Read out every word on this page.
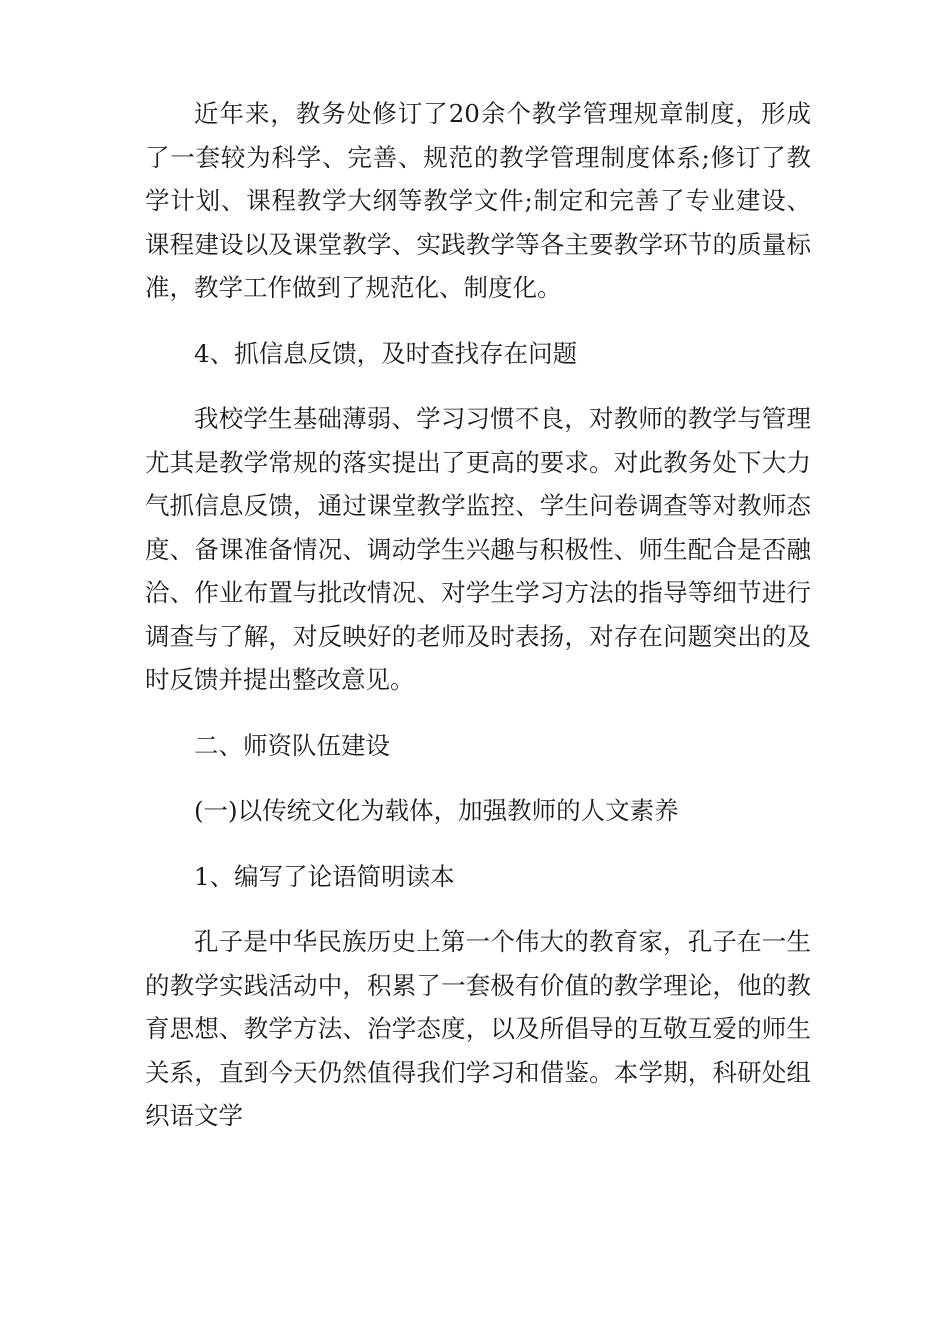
近年来，教务处修订了20余个教学管理规章制度，形成了一套较为科学、完善、规范的教学管理制度体系;修订了教学计划、课程教学大纲等教学文件;制定和完善了专业建设、课程建设以及课堂教学、实践教学等各主要教学环节的质量标准，教学工作做到了规范化、制度化。

4、抓信息反馈，及时查找存在问题

我校学生基础薄弱、学习习惯不良，对教师的教学与管理尤其是教学常规的落实提出了更高的要求。对此教务处下大力气抓信息反馈，通过课堂教学监控、学生问卷调查等对教师态度、备课准备情况、调动学生兴趣与积极性、师生配合是否融洽、作业布置与批改情况、对学生学习方法的指导等细节进行调查与了解，对反映好的老师及时表扬，对存在问题突出的及时反馈并提出整改意见。

二、师资队伍建设

(一)以传统文化为载体，加强教师的人文素养

1、编写了论语简明读本

孔子是中华民族历史上第一个伟大的教育家，孔子在一生的教学实践活动中，积累了一套极有价值的教学理论，他的教育思想、教学方法、治学态度，以及所倡导的互敬互爱的师生关系，直到今天仍然值得我们学习和借鉴。本学期，科研处组织语文学
